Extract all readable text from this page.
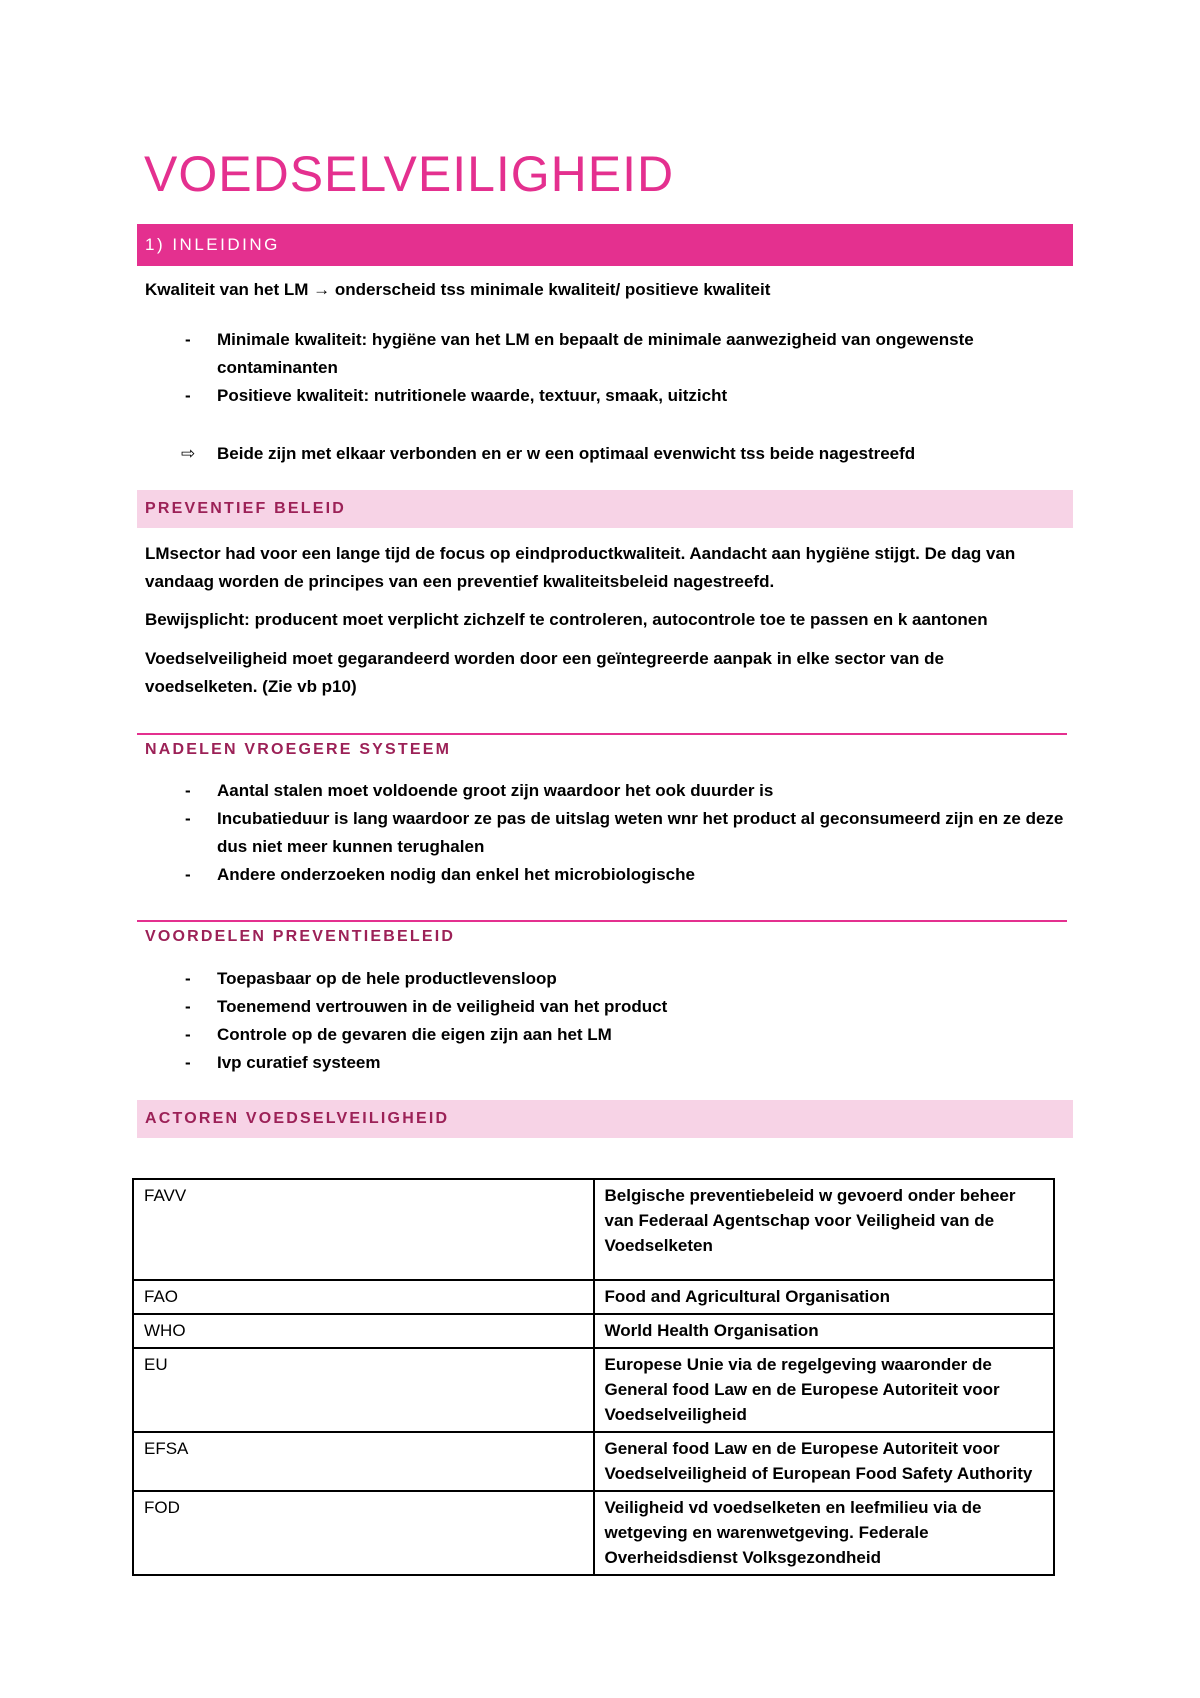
VOEDSELVEILIGHEID
1) INLEIDING
Kwaliteit van het LM → onderscheid tss minimale kwaliteit/ positieve kwaliteit
- Minimale kwaliteit: hygiëne van het LM en bepaalt de minimale aanwezigheid van ongewenste contaminanten
- Positieve kwaliteit: nutritionele waarde, textuur, smaak, uitzicht
⇨ Beide zijn met elkaar verbonden en er w een optimaal evenwicht tss beide nagestreefd
PREVENTIEF BELEID
LMsector had voor een lange tijd de focus op eindproductkwaliteit. Aandacht aan hygiëne stijgt. De dag van vandaag worden de principes van een preventief kwaliteitsbeleid nagestreefd.
Bewijsplicht: producent moet verplicht zichzelf te controleren, autocontrole toe te passen en k aantonen
Voedselveiligheid moet gegarandeerd worden door een geïntegreerde aanpak in elke sector van de voedselketen. (Zie vb p10)
NADELEN VROEGERE SYSTEEM
- Aantal stalen moet voldoende groot zijn waardoor het ook duurder is
- Incubatieduur is lang waardoor ze pas de uitslag weten wnr het product al geconsumeerd zijn en ze deze dus niet meer kunnen terughalen
- Andere onderzoeken nodig dan enkel het microbiologische
VOORDELEN PREVENTIEBELEID
- Toepasbaar op de hele productlevensloop
- Toenemend vertrouwen in de veiligheid van het product
- Controle op de gevaren die eigen zijn aan het LM
- Ivp curatief systeem
ACTOREN VOEDSELVEILIGHEID
FAVV	Belgische preventiebeleid w gevoerd onder beheer van Federaal Agentschap voor Veiligheid van de Voedselketen
FAO	Food and Agricultural Organisation
WHO	World Health Organisation
EU	Europese Unie via de regelgeving waaronder de General food Law en de Europese Autoriteit voor Voedselveiligheid
EFSA	General food Law en de Europese Autoriteit voor Voedselveiligheid of European Food Safety Authority
FOD	Veiligheid vd voedselketen en leefmilieu via de wetgeving en warenwetgeving. Federale Overheidsdienst Volksgezondheid
